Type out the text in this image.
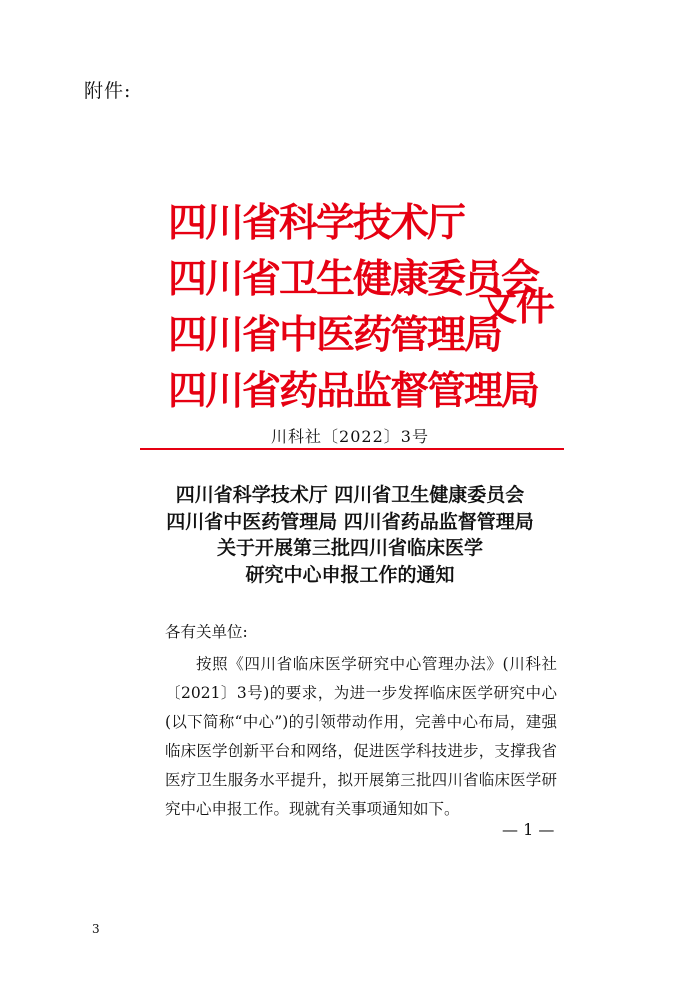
附件:
四川省科学技术厅
四川省卫生健康委员会
四川省中医药管理局
四川省药品监督管理局
文件
川科社〔2022〕3号
四川省科学技术厅 四川省卫生健康委员会
四川省中医药管理局 四川省药品监督管理局
关于开展第三批四川省临床医学
研究中心申报工作的通知
各有关单位:
按照《四川省临床医学研究中心管理办法》(川科社〔2021〕3号)的要求，为进一步发挥临床医学研究中心(以下简称“中心”)的引领带动作用，完善中心布局，建强临床医学创新平台和网络，促进医学科技进步，支撑我省医疗卫生服务水平提升，拟开展第三批四川省临床医学研究中心申报工作。现就有关事项通知如下。
— 1 —
3
